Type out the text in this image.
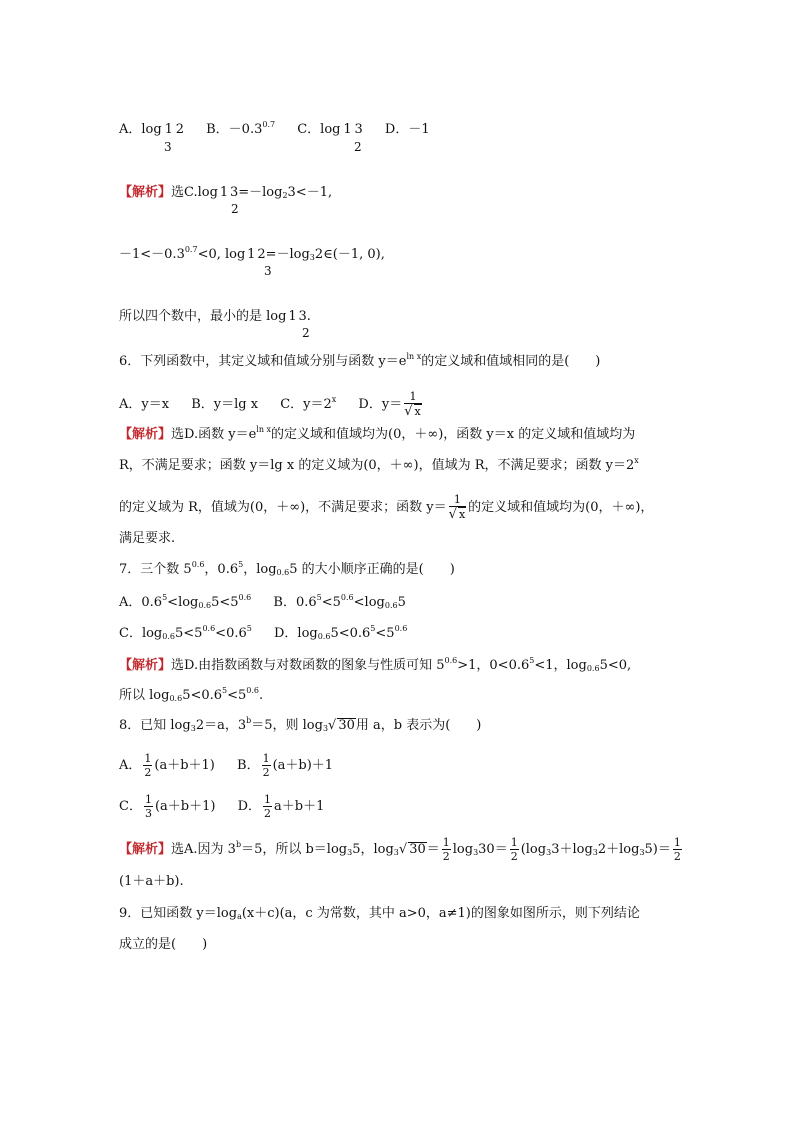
A．log 1 2 B．$-0.3^{0.7}$ C．log 1 3 D．－1
3	2
【解析】选C.log 1 $3=-\log_23<-1$,
2
$-1<-0.3^{0.7}<0$, log 1 $2=-\log_32\in(-1$, 0),
3
所以四个数中，最小的是 log 1 3.
2
6．下列函数中，其定义域和值域分别与函数 $y=e^{ln x}$的定义域和值域相同的是(　　)
A．y＝x B．y＝lg x C．$y=2^x$ D．$y= \frac{1}{√ x}$
【解析】选D.函数 $y=e^{ln x}$的定义域和值域均为(0，＋∞)，函数 y＝x 的定义域和值域均为
R，不满足要求；函数 y＝lg x 的定义域为(0，＋∞)，值域为 R，不满足要求；函数 $y=2^x$
的定义域为 R，值域为(0，＋∞)，不满足要求；函数 $y= \frac{1}{√ x}$ 的定义域和值域均为(0，＋∞)，
满足要求.
7．三个数 $5^{0.6}$，$0.6^5$，$\log_{0.6}5$ 的大小顺序正确的是(　　)
A．$0.6^5<\log_{0.6}5<5^{0.6}$ B．$0.6^5<5^{0.6}<\log_{0.6}5$
C．$\log_{0.6}5<5^{0.6}<0.6^5$ D．$\log_{0.6}5<0.6^5<5^{0.6}$
【解析】选D.由指数函数与对数函数的图象与性质可知 $5^{0.6}>1$，$0<0.6^5<1$，$\log_{0.6}5<0$,
所以 $\log_{0.6}5<0.6^5<5^{0.6}$.
8．已知 $\log_32=a$，$3^b=5$，则 $\log_3√$ 30用 a，b 表示为(　　)
A． $\frac{1}{2} (a+b+1)$ B． $\frac{1}{2} (a+b)+1$
C． $\frac{1}{3} (a+b+1)$ D． $\frac{1}{2} a+b+1$
【解析】选A.因为 $3^b=5$，所以 $b=\log_35$，$\log_3√$ $30= \frac{1}{2} \log_330= \frac{1}{2} (\log_33+\log_32+\log_35)= \frac{1}{2}$
(1＋a＋b).
9．已知函数 $y=\log_a(x+c)(a$，c 为常数，其中 a>0，a≠1)的图象如图所示，则下列结论
成立的是(　　)
